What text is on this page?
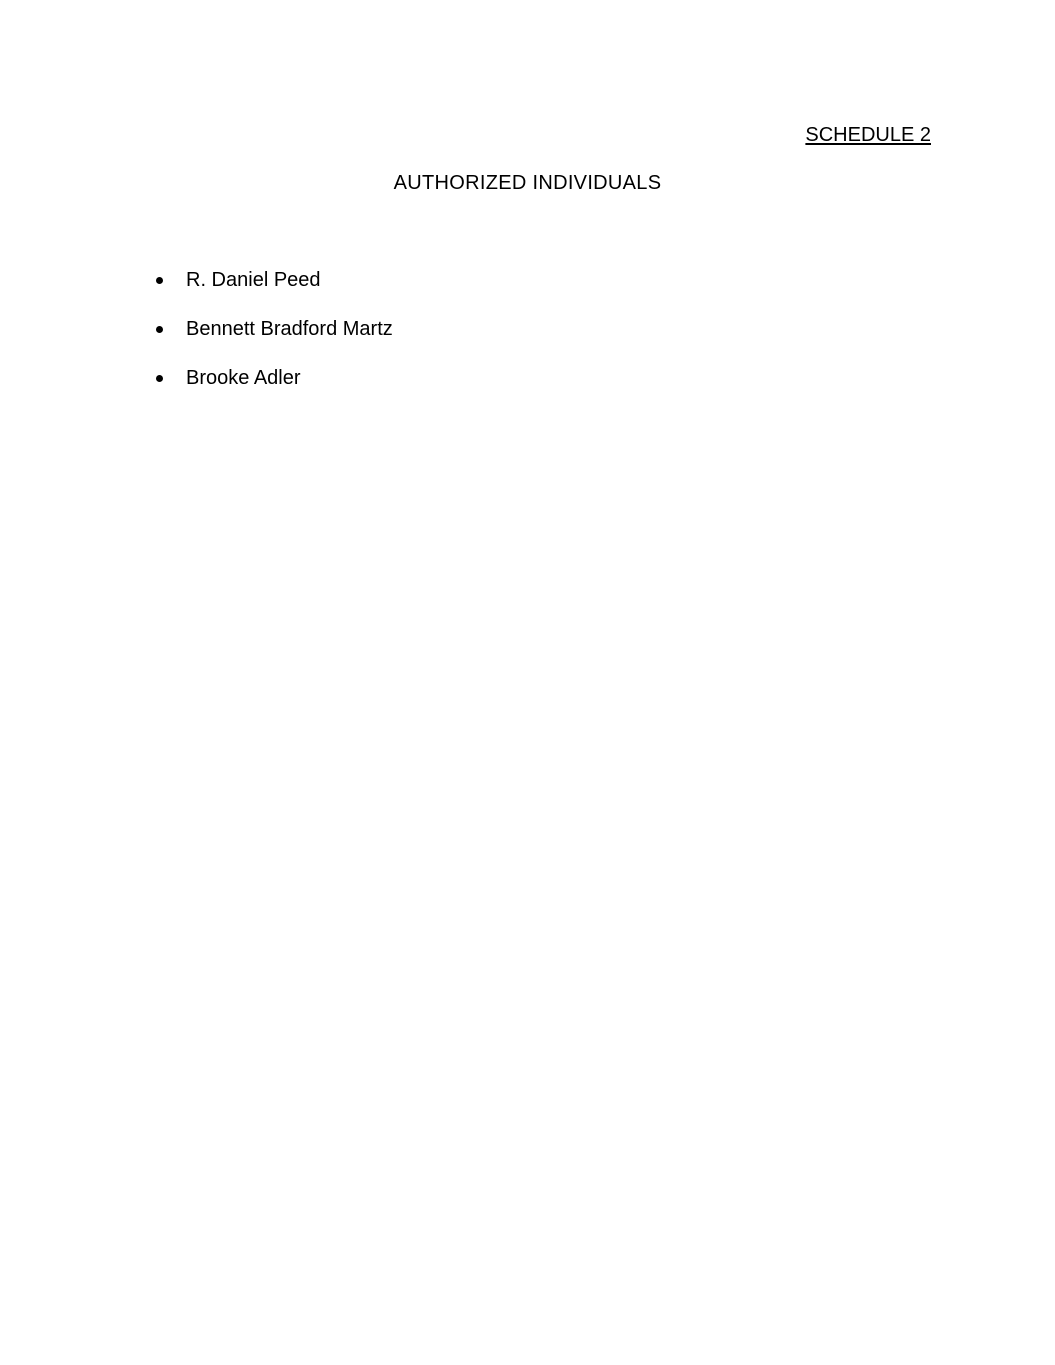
SCHEDULE 2
AUTHORIZED INDIVIDUALS
R. Daniel Peed
Bennett Bradford Martz
Brooke Adler
